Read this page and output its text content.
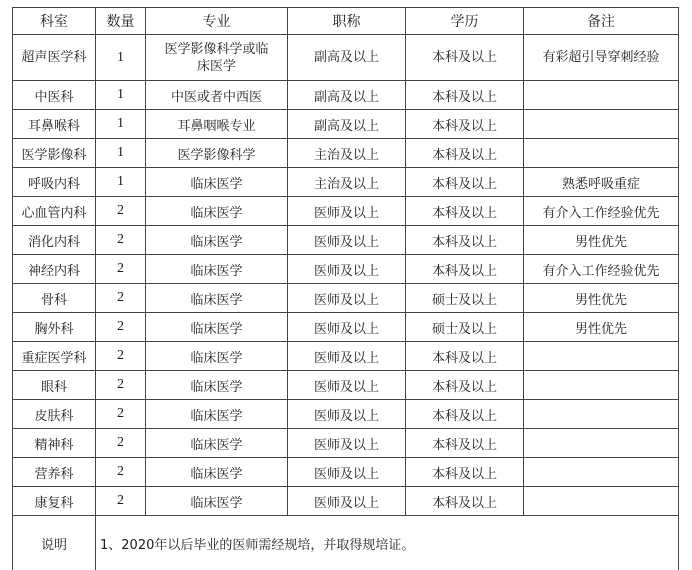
科室	数量	专业	职称	学历	备注
超声医学科	1	医学影像科学或临床医学	副高及以上	本科及以上	有彩超引导穿刺经验
中医科	1	中医或者中西医	副高及以上	本科及以上	
耳鼻喉科	1	耳鼻咽喉专业	副高及以上	本科及以上	
医学影像科	1	医学影像科学	主治及以上	本科及以上	
呼吸内科	1	临床医学	主治及以上	本科及以上	熟悉呼吸重症
心血管内科	2	临床医学	医师及以上	本科及以上	有介入工作经验优先
消化内科	2	临床医学	医师及以上	本科及以上	男性优先
神经内科	2	临床医学	医师及以上	本科及以上	有介入工作经验优先
骨科	2	临床医学	医师及以上	硕士及以上	男性优先
胸外科	2	临床医学	医师及以上	硕士及以上	男性优先
重症医学科	2	临床医学	医师及以上	本科及以上	
眼科	2	临床医学	医师及以上	本科及以上	
皮肤科	2	临床医学	医师及以上	本科及以上	
精神科	2	临床医学	医师及以上	本科及以上	
营养科	2	临床医学	医师及以上	本科及以上	
康复科	2	临床医学	医师及以上	本科及以上	
说明	1、2020年以后毕业的医师需经规培，并取得规培证。				
